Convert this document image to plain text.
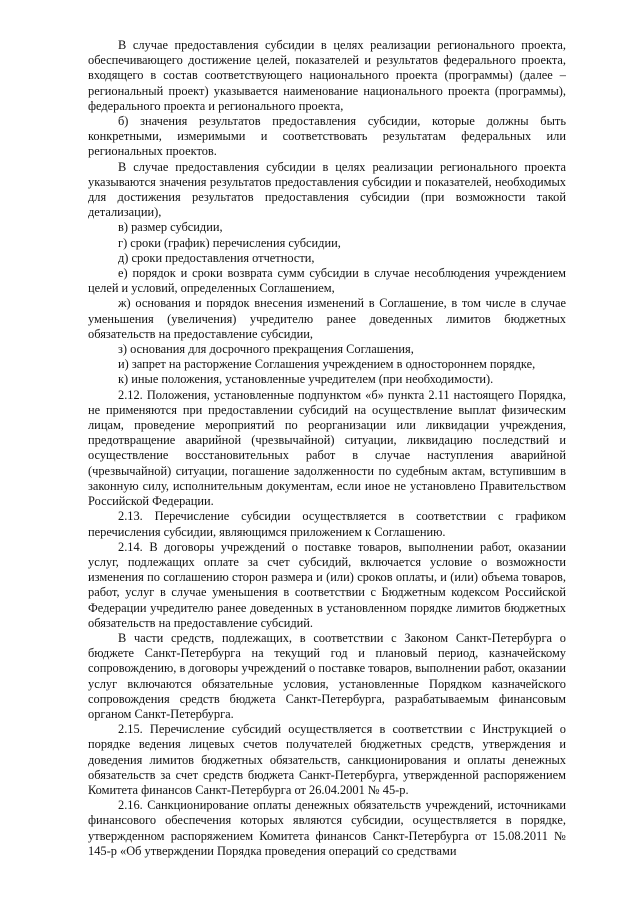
В случае предоставления субсидии в целях реализации регионального проекта, обеспечивающего достижение целей, показателей и результатов федерального проекта, входящего в состав соответствующего национального проекта (программы) (далее – региональный проект) указывается наименование национального проекта (программы), федерального проекта и регионального проекта,

б) значения результатов предоставления субсидии, которые должны быть конкретными, измеримыми и соответствовать результатам федеральных или региональных проектов.

В случае предоставления субсидии в целях реализации регионального проекта указываются значения результатов предоставления субсидии и показателей, необходимых для достижения результатов предоставления субсидии (при возможности такой детализации),

в) размер субсидии,

г) сроки (график) перечисления субсидии,

д) сроки предоставления отчетности,

е) порядок и сроки возврата сумм субсидии в случае несоблюдения учреждением целей и условий, определенных Соглашением,

ж) основания и порядок внесения изменений в Соглашение, в том числе в случае уменьшения (увеличения) учредителю ранее доведенных лимитов бюджетных обязательств на предоставление субсидии,

з) основания для досрочного прекращения Соглашения,

и) запрет на расторжение Соглашения учреждением в одностороннем порядке,

к) иные положения, установленные учредителем (при необходимости).

2.12. Положения, установленные подпунктом «б» пункта 2.11 настоящего Порядка, не применяются при предоставлении субсидий на осуществление выплат физическим лицам, проведение мероприятий по реорганизации или ликвидации учреждения, предотвращение аварийной (чрезвычайной) ситуации, ликвидацию последствий и осуществление восстановительных работ в случае наступления аварийной (чрезвычайной) ситуации, погашение задолженности по судебным актам, вступившим в законную силу, исполнительным документам, если иное не установлено Правительством Российской Федерации.

2.13. Перечисление субсидии осуществляется в соответствии с графиком перечисления субсидии, являющимся приложением к Соглашению.

2.14. В договоры учреждений о поставке товаров, выполнении работ, оказании услуг, подлежащих оплате за счет субсидий, включается условие о возможности изменения по соглашению сторон размера и (или) сроков оплаты, и (или) объема товаров, работ, услуг в случае уменьшения в соответствии с Бюджетным кодексом Российской Федерации учредителю ранее доведенных в установленном порядке лимитов бюджетных обязательств на предоставление субсидий.

В части средств, подлежащих, в соответствии с Законом Санкт-Петербурга о бюджете Санкт-Петербурга на текущий год и плановый период, казначейскому сопровождению, в договоры учреждений о поставке товаров, выполнении работ, оказании услуг включаются обязательные условия, установленные Порядком казначейского сопровождения средств бюджета Санкт-Петербурга, разрабатываемым финансовым органом Санкт-Петербурга.

2.15. Перечисление субсидий осуществляется в соответствии с Инструкцией о порядке ведения лицевых счетов получателей бюджетных средств, утверждения и доведения лимитов бюджетных обязательств, санкционирования и оплаты денежных обязательств за счет средств бюджета Санкт-Петербурга, утвержденной распоряжением Комитета финансов Санкт-Петербурга от 26.04.2001 № 45-р.

2.16. Санкционирование оплаты денежных обязательств учреждений, источниками финансового обеспечения которых являются субсидии, осуществляется в порядке, утвержденном распоряжением Комитета финансов Санкт-Петербурга от 15.08.2011 № 145-р «Об утверждении Порядка проведения операций со средствами
